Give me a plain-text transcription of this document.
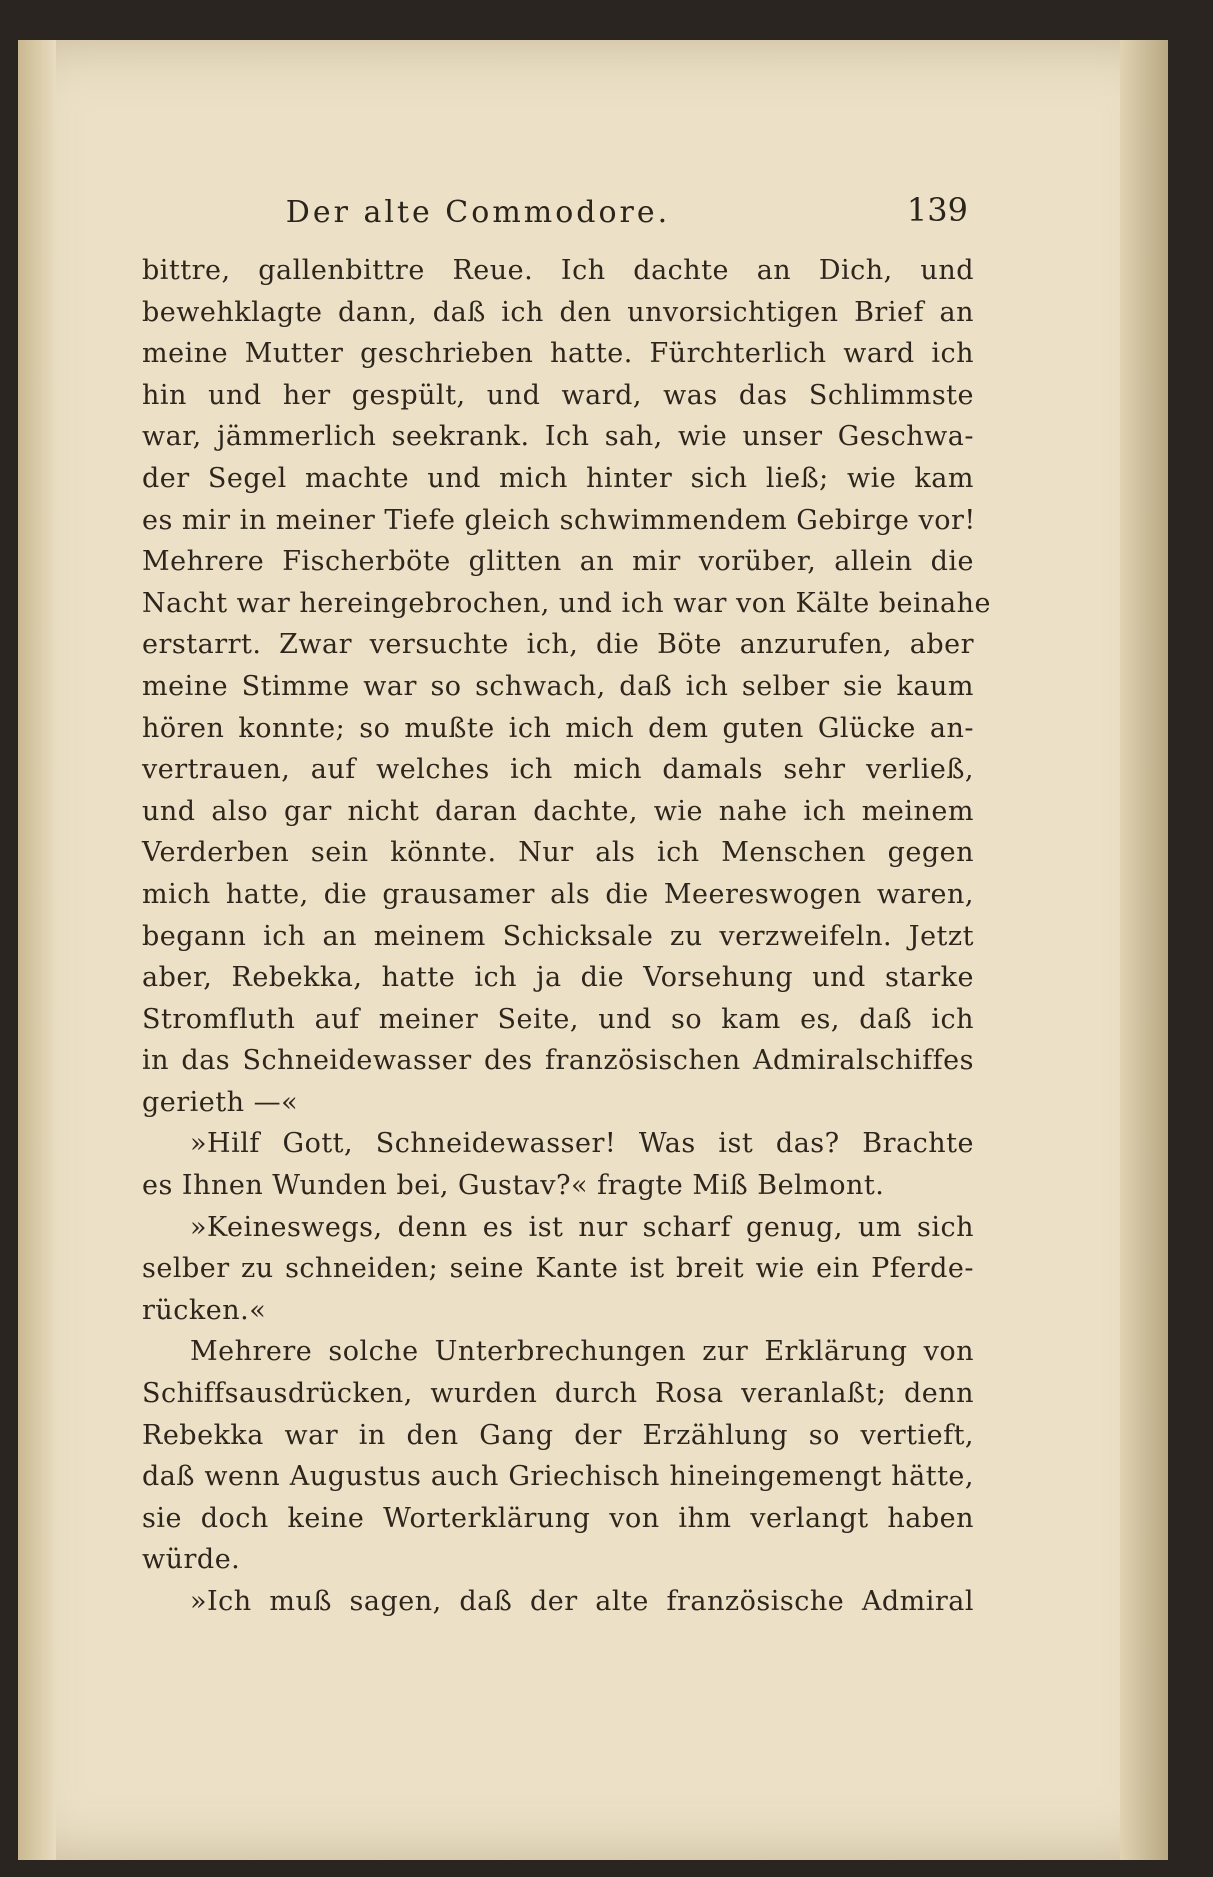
Der alte Commodore.	139
bittre, gallenbittre Reue. Ich dachte an Dich, und
bewehklagte dann, daß ich den unvorsichtigen Brief an
meine Mutter geschrieben hatte. Fürchterlich ward ich
hin und her gespült, und ward, was das Schlimmste
war, jämmerlich seekrank. Ich sah, wie unser Geschwa-
der Segel machte und mich hinter sich ließ; wie kam
es mir in meiner Tiefe gleich schwimmendem Gebirge vor!
Mehrere Fischerböte glitten an mir vorüber, allein die
Nacht war hereingebrochen, und ich war von Kälte beinahe
erstarrt. Zwar versuchte ich, die Böte anzurufen, aber
meine Stimme war so schwach, daß ich selber sie kaum
hören konnte; so mußte ich mich dem guten Glücke an-
vertrauen, auf welches ich mich damals sehr verließ,
und also gar nicht daran dachte, wie nahe ich meinem
Verderben sein könnte. Nur als ich Menschen gegen
mich hatte, die grausamer als die Meereswogen waren,
begann ich an meinem Schicksale zu verzweifeln. Jetzt
aber, Rebekka, hatte ich ja die Vorsehung und starke
Stromfluth auf meiner Seite, und so kam es, daß ich
in das Schneidewasser des französischen Admiralschiffes
gerieth —«
»Hilf Gott, Schneidewasser! Was ist das? Brachte
es Ihnen Wunden bei, Gustav?« fragte Miß Belmont.
»Keineswegs, denn es ist nur scharf genug, um sich
selber zu schneiden; seine Kante ist breit wie ein Pferde-
rücken.«
Mehrere solche Unterbrechungen zur Erklärung von
Schiffsausdrücken, wurden durch Rosa veranlaßt; denn
Rebekka war in den Gang der Erzählung so vertieft,
daß wenn Augustus auch Griechisch hineingemengt hätte,
sie doch keine Worterklärung von ihm verlangt haben
würde.
»Ich muß sagen, daß der alte französische Admiral
